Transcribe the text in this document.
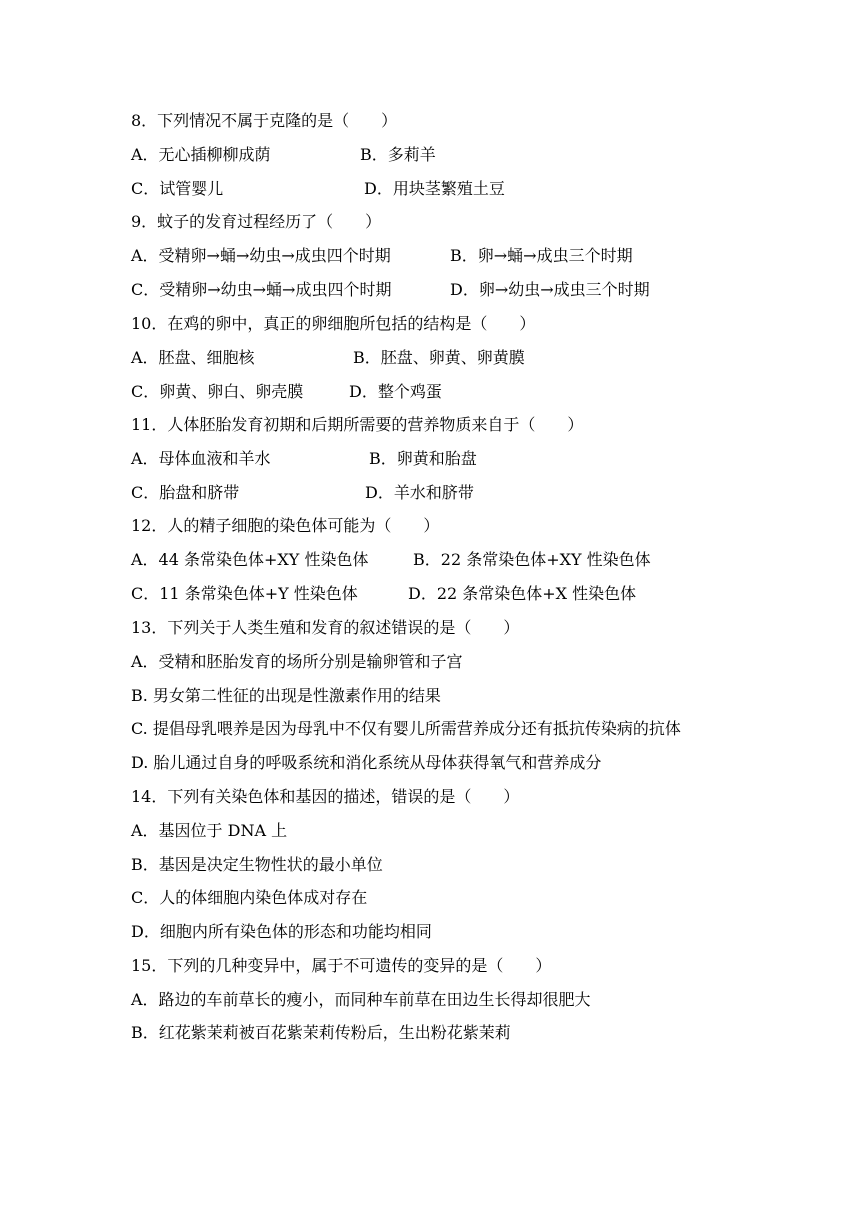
8．下列情况不属于克隆的是（　　）
A．无心插柳柳成荫	B．多莉羊
C．试管婴儿	D．用块茎繁殖土豆
9．蚊子的发育过程经历了（　　）
A．受精卵→蛹→幼虫→成虫四个时期	B．卵→蛹→成虫三个时期
C．受精卵→幼虫→蛹→成虫四个时期	D．卵→幼虫→成虫三个时期
10．在鸡的卵中，真正的卵细胞所包括的结构是（　　）
A．胚盘、细胞核	B．胚盘、卵黄、卵黄膜
C．卵黄、卵白、卵壳膜	D．整个鸡蛋
11．人体胚胎发育初期和后期所需要的营养物质来自于（　　）
A．母体血液和羊水	B．卵黄和胎盘
C．胎盘和脐带	D．羊水和脐带
12．人的精子细胞的染色体可能为（　　）
A．44 条常染色体+XY 性染色体	B．22 条常染色体+XY 性染色体
C．11 条常染色体+Y 性染色体	D．22 条常染色体+X 性染色体
13．下列关于人类生殖和发育的叙述错误的是（　　）
A．受精和胚胎发育的场所分别是输卵管和子宫
B. 男女第二性征的出现是性激素作用的结果
C. 提倡母乳喂养是因为母乳中不仅有婴儿所需营养成分还有抵抗传染病的抗体
D. 胎儿通过自身的呼吸系统和消化系统从母体获得氧气和营养成分
14．下列有关染色体和基因的描述，错误的是（　　）
A．基因位于 DNA 上
B．基因是决定生物性状的最小单位
C．人的体细胞内染色体成对存在
D．细胞内所有染色体的形态和功能均相同
15．下列的几种变异中，属于不可遗传的变异的是（　　）
A．路边的车前草长的瘦小，而同种车前草在田边生长得却很肥大
B．红花紫茉莉被百花紫茉莉传粉后，生出粉花紫茉莉
